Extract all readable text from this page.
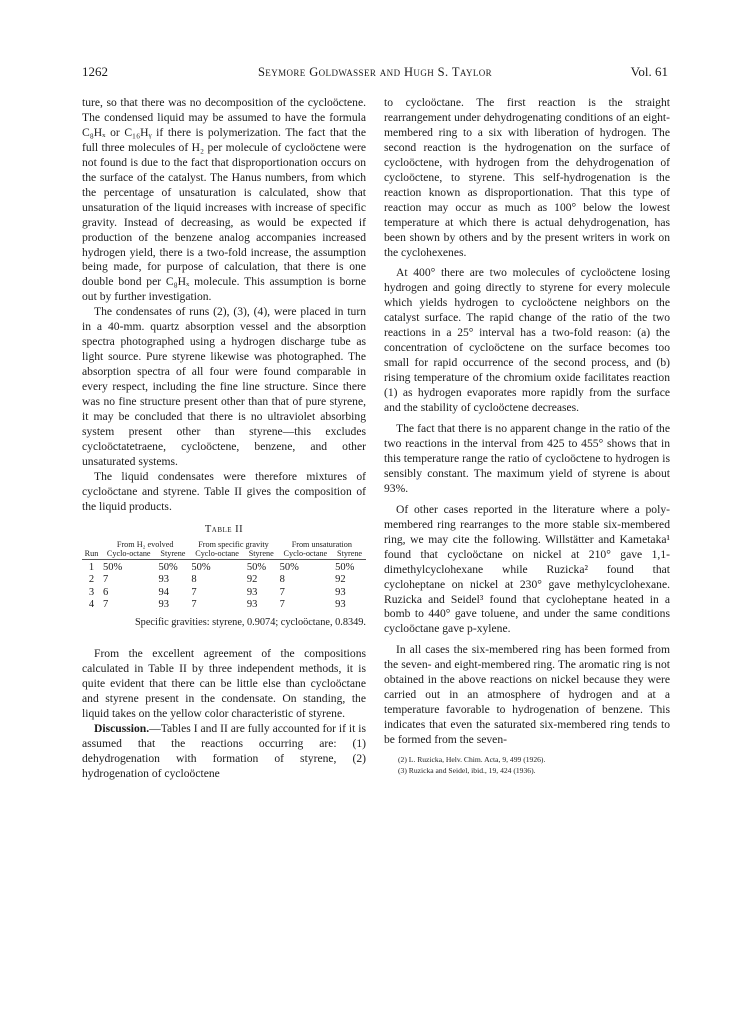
1262	Seymore Goldwasser and Hugh S. Taylor	Vol. 61

ture, so that there was no decomposition of the cycloöctene. The condensed liquid may be assumed to have the formula C₈Hₓ or C₁₆Hᵧ if there is polymerization. The fact that the full three molecules of H₂ per molecule of cycloöctene were not found is due to the fact that disproportionation occurs on the surface of the catalyst. The Hanus numbers, from which the percentage of unsaturation is calculated, show that unsaturation of the liquid increases with increase of specific gravity. Instead of decreasing, as would be expected if production of the benzene analog accompanies increased hydrogen yield, there is a two-fold increase, the assumption being made, for purpose of calculation, that there is one double bond per C₈Hₓ molecule. This assumption is borne out by further investigation.

The condensates of runs (2), (3), (4), were placed in turn in a 40-mm. quartz absorption vessel and the absorption spectra photographed using a hydrogen discharge tube as light source. Pure styrene likewise was photographed. The absorption spectra of all four were found comparable in every respect, including the fine line structure. Since there was no fine structure present other than that of pure styrene, it may be concluded that there is no ultraviolet absorbing system present other than styrene—this excludes cycloöctatetraene, cycloöctene, benzene, and other unsaturated systems.

The liquid condensates were therefore mixtures of cycloöctane and styrene. Table II gives the composition of the liquid products.

Table II
	From H₂ evolved		From specific gravity		From unsaturation	
Run	Cyclo-octane	Styrene	Cyclo-octane	Styrene	Cyclo-octane	Styrene
1	50%	50%	50%	50%	50%	50%
2	7	93	8	92	8	92
3	6	94	7	93	7	93
4	7	93	7	93	7	93
Specific gravities: styrene, 0.9074; cycloöctane, 0.8349.

From the excellent agreement of the compositions calculated in Table II by three independent methods, it is quite evident that there can be little else than cycloöctane and styrene present in the condensate. On standing, the liquid takes on the yellow color characteristic of styrene.

Discussion.—Tables I and II are fully accounted for if it is assumed that the reactions occurring are: (1) dehydrogenation with formation of styrene, (2) hydrogenation of cycloöctene

to cycloöctane. The first reaction is the straight rearrangement under dehydrogenating conditions of an eight-membered ring to a six with liberation of hydrogen. The second reaction is the hydrogenation on the surface of cycloöctene, with hydrogen from the dehydrogenation of cycloöctene, to styrene. This self-hydrogenation is the reaction known as disproportionation. That this type of reaction may occur as much as 100° below the lowest temperature at which there is actual dehydrogenation, has been shown by others and by the present writers in work on the cyclohexenes.

At 400° there are two molecules of cycloöctene losing hydrogen and going directly to styrene for every molecule which yields hydrogen to cycloöctene neighbors on the catalyst surface. The rapid change of the ratio of the two reactions in a 25° interval has a two-fold reason: (a) the concentration of cycloöctene on the surface becomes too small for rapid occurrence of the second process, and (b) rising temperature of the chromium oxide facilitates reaction (1) as hydrogen evaporates more rapidly from the surface and the stability of cycloöctene decreases.

The fact that there is no apparent change in the ratio of the two reactions in the interval from 425 to 455° shows that in this temperature range the ratio of cycloöctene to hydrogen is sensibly constant. The maximum yield of styrene is about 93%.

Of other cases reported in the literature where a poly-membered ring rearranges to the more stable six-membered ring, we may cite the following. Willstätter and Kametaka¹ found that cycloöctane on nickel at 210° gave 1,1-dimethylcyclohexane while Ruzicka² found that cycloheptane on nickel at 230° gave methylcyclohexane. Ruzicka and Seidel³ found that cycloheptane heated in a bomb to 440° gave toluene, and under the same conditions cycloöctane gave p-xylene.

In all cases the six-membered ring has been formed from the seven- and eight-membered ring. The aromatic ring is not obtained in the above reactions on nickel because they were carried out in an atmosphere of hydrogen and at a temperature favorable to hydrogenation of benzene. This indicates that even the saturated six-membered ring tends to be formed from the seven-

(2) L. Ruzicka, Helv. Chim. Acta, 9, 499 (1926).
(3) Ruzicka and Seidel, ibid., 19, 424 (1936).
